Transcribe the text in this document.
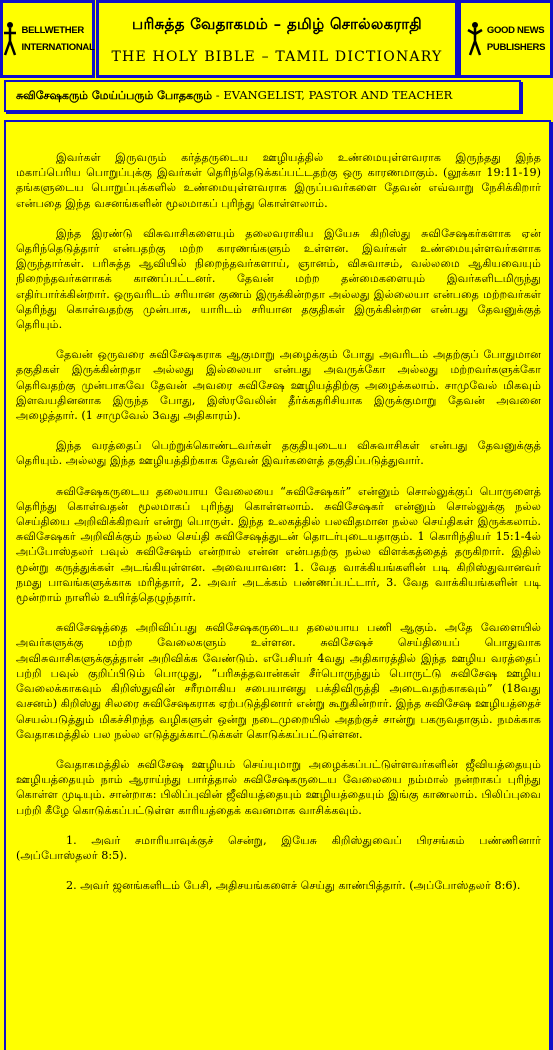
BELLWETHER
INTERNATIONAL
பரிசுத்த வேதாகமம் – தமிழ் சொல்லகராதி
THE HOLY BIBLE – TAMIL DICTIONARY
GOOD NEWS
PUBLISHERS
சுவிசேஷகரும் மேய்ப்பரும் போதகரும் - EVANGELIST, PASTOR AND TEACHER

இவர்கள் இருவரும் கர்த்தருடைய ஊழியத்தில் உண்மையுள்ளவராக இருந்தது இந்த மகாப்பெரிய பொறுப்புக்கு இவர்கள் தெரிந்தெடுக்கப்பட்டதற்கு ஒரு காரணமாகும். (லூக்கா 19:11-19) தங்களுடைய பொறுப்புக்களில் உண்மையுள்ளவராக இருப்பவர்களை தேவன் எவ்வாறு நேசிக்கிறார் என்பதை இந்த வசனங்களின் மூலமாகப் புரிந்து கொள்ளலாம்.

இந்த இரண்டு விசுவாசிகளையும் தலைவராகிய இயேசு கிறிஸ்து சுவிசேஷகர்களாக ஏன் தெரிந்தெடுத்தார் என்பதற்கு மற்ற காரணங்களும் உள்ளன. இவர்கள் உண்மையுள்ளவர்களாக இருந்தார்கள். பரிசுத்த ஆவியில் நிறைந்தவர்களாய், ஞானம், விசுவாசம், வல்லமை ஆகியவையும் நிறைந்தவர்களாகக் காணப்பட்டனர். தேவன் மற்ற தன்மைகளையும் இவர்களிடமிருந்து எதிர்பார்க்கின்றார். ஒருவரிடம் சரியான குணம் இருக்கின்றதா அல்லது இல்லையா என்பதை மற்றவர்கள் தெரிந்து கொள்வதற்கு முன்பாக, யாரிடம் சரியான தகுதிகள் இருக்கின்றன என்பது தேவனுக்குத் தெரியும்.

தேவன் ஒருவரை சுவிசேஷகராக ஆகுமாறு அழைக்கும் போது அவரிடம் அதற்குப் போதுமான தகுதிகள் இருக்கின்றதா அல்லது இல்லையா என்பது அவருக்கோ அல்லது மற்றவர்களுக்கோ தெரிவதற்கு முன்பாகவே தேவன் அவரை சுவிசேஷ ஊழியத்திற்கு அழைக்கலாம். சாமுவேல் மிகவும் இளவயதினனாக இருந்த போது, இஸ்ரவேலின் தீர்க்கதரிசியாக இருக்குமாறு தேவன் அவனை அழைத்தார். (1 சாமுவேல் 3வது அதிகாரம்).

இந்த வரத்தைப் பெற்றுக்கொண்டவர்கள் தகுதியுடைய விசுவாசிகள் என்பது தேவனுக்குத் தெரியும். அல்லது இந்த ஊழியத்திற்காக தேவன் இவர்களைத் தகுதிப்படுத்துவார்.

சுவிசேஷகருடைய தலையாய வேலையை “சுவிசேஷகர்” என்னும் சொல்லுக்குப் பொருளைத் தெரிந்து கொள்வதன் மூலமாகப் புரிந்து கொள்ளலாம். சுவிசேஷகர் என்னும் சொல்லுக்கு நல்ல செய்தியை அறிவிக்கிறவர் என்று பொருள். இந்த உலகத்தில் பலவிதமான நல்ல செய்திகள் இருக்கலாம். சுவிசேஷகர் அறிவிக்கும் நல்ல செய்தி சுவிசேஷத்துடன் தொடர்புடையதாகும். 1 கொரிந்தியர் 15:1-4ல் அப்போஸ்தலர் பவுல் சுவிசேஷம் என்றால் என்ன என்பதற்கு நல்ல விளக்கத்தைத் தருகிறார். இதில் மூன்று கருத்துக்கள் அடங்கியுள்ளன. அவையாவன: 1. வேத வாக்கியங்களின் படி கிறிஸ்துவானவர் நமது பாவங்களுக்காக மரித்தார், 2. அவர் அடக்கம் பண்ணப்பட்டார், 3. வேத வாக்கியங்களின் படி மூன்றாம் நாளில் உயிர்த்தெழுந்தார்.

சுவிசேஷத்தை அறிவிப்பது சுவிசேஷகருடைய தலையாய பணி ஆகும். அதே வேளையில் அவர்களுக்கு மற்ற வேலைகளும் உள்ளன. சுவிசேஷச் செய்தியைப் பொதுவாக அவிசுவாசிகளுக்குத்தான் அறிவிக்க வேண்டும். எபேசியர் 4வது அதிகாரத்தில் இந்த ஊழிய வரத்தைப் பற்றி பவுல் குறிப்பிடும் பொழுது, “பரிசுத்தவான்கள் சீர்பொருந்தும் பொருட்டு சுவிசேஷ ஊழிய வேலைக்காகவும் கிறிஸ்துவின் சரீரமாகிய சபையானது பக்திவிருத்தி அடைவதற்காகவும்” (18வது வசனம்) கிறிஸ்து சிலரை சுவிசேஷகராக ஏற்படுத்தினார் என்று கூறுகின்றார். இந்த சுவிசேஷ ஊழியத்தைச் செயல்படுத்தும் மிகச்சிறந்த வழிகளுள் ஒன்று நடைமுறையில் அதற்குச் சான்று பகருவதாகும். நமக்காக வேதாகமத்தில் பல நல்ல எடுத்துக்காட்டுக்கள் கொடுக்கப்பட்டுள்ளன.

வேதாகமத்தில் சுவிசேஷ ஊழியம் செய்யுமாறு அழைக்கப்பட்டுள்ளவர்களின் ஜீவியத்தையும் ஊழியத்தையும் நாம் ஆராய்ந்து பார்த்தால் சுவிசேஷகருடைய வேலையை நம்மால் நன்றாகப் புரிந்து கொள்ள முடியும். சான்றாக: பிலிப்புவின் ஜீவியத்தையும் ஊழியத்தையும் இங்கு காணலாம். பிலிப்புவை பற்றி கீழே கொடுக்கப்பட்டுள்ள காரியத்தைக் கவனமாக வாசிக்கவும்.

1. அவர் சமாரியாவுக்குச் சென்று, இயேசு கிறிஸ்துவைப் பிரசங்கம் பண்ணினார் (அப்போஸ்தலர் 8:5).

2. அவர் ஜனங்களிடம் பேசி, அதிசயங்களைச் செய்து காண்பித்தார். (அப்போஸ்தலர் 8:6).
